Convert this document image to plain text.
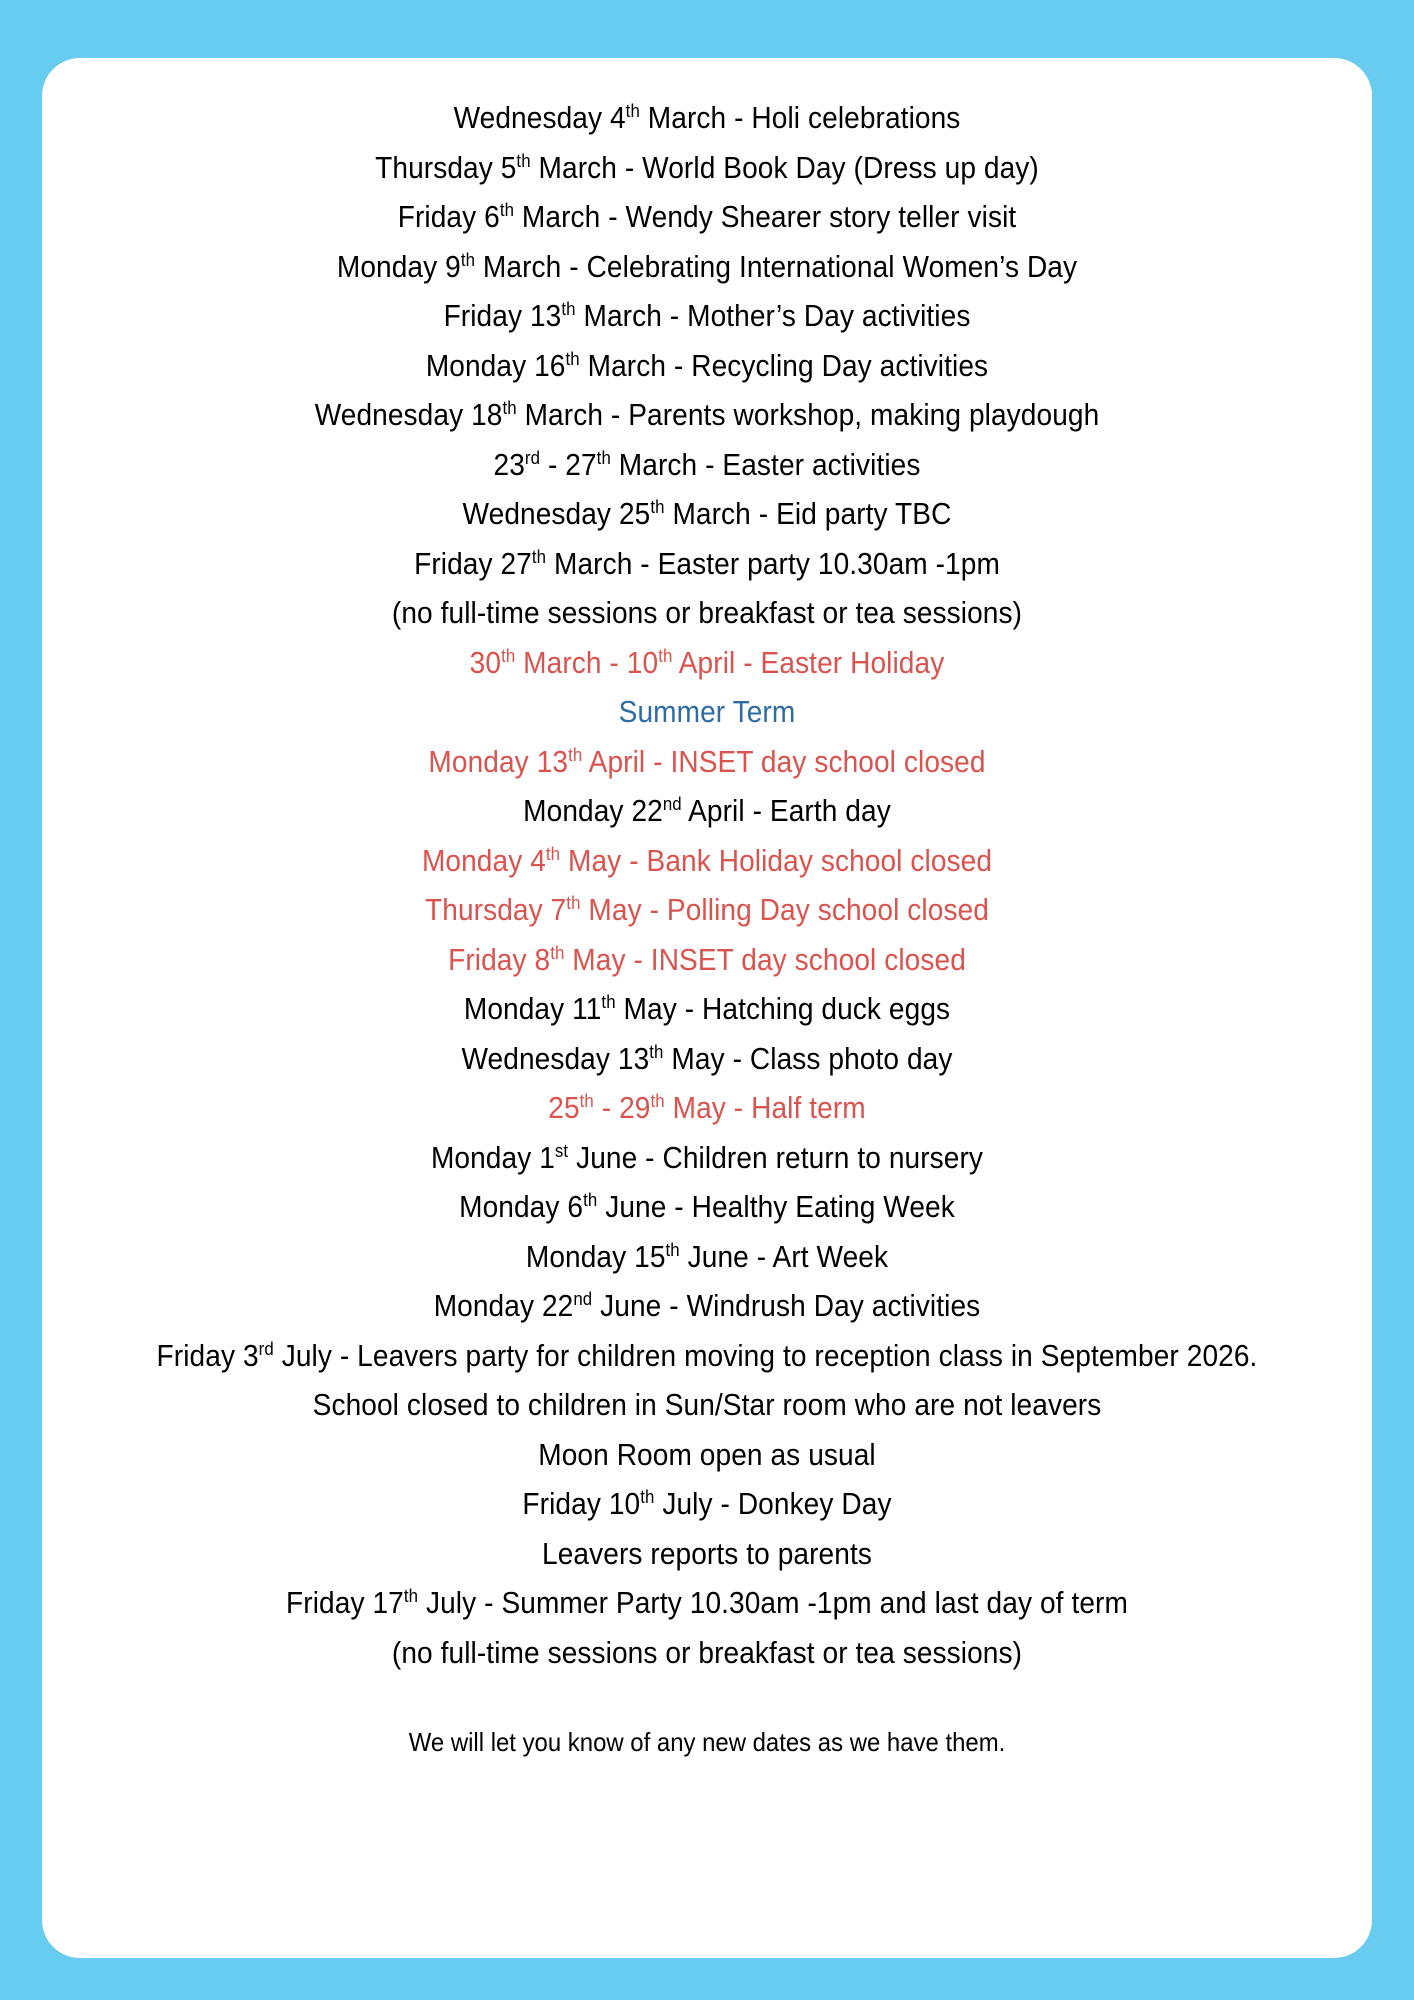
Wednesday 4th March - Holi celebrations
Thursday 5th March - World Book Day (Dress up day)
Friday 6th March - Wendy Shearer story teller visit
Monday 9th March - Celebrating International Women’s Day
Friday 13th March - Mother’s Day activities
Monday 16th March - Recycling Day activities
Wednesday 18th March - Parents workshop, making playdough
23rd - 27th March - Easter activities
Wednesday 25th March - Eid party TBC
Friday 27th March - Easter party 10.30am -1pm
(no full-time sessions or breakfast or tea sessions)
30th March - 10th April - Easter Holiday
Summer Term
Monday 13th April - INSET day school closed
Monday 22nd April - Earth day
Monday 4th May - Bank Holiday school closed
Thursday 7th May - Polling Day school closed
Friday 8th May - INSET day school closed
Monday 11th May - Hatching duck eggs
Wednesday 13th May - Class photo day
25th - 29th May - Half term
Monday 1st June - Children return to nursery
Monday 6th June - Healthy Eating Week
Monday 15th June - Art Week
Monday 22nd June - Windrush Day activities
Friday 3rd July - Leavers party for children moving to reception class in September 2026. School closed to children in Sun/Star room who are not leavers
Moon Room open as usual
Friday 10th July - Donkey Day
Leavers reports to parents
Friday 17th July - Summer Party 10.30am -1pm and last day of term
(no full-time sessions or breakfast or tea sessions)
We will let you know of any new dates as we have them.
